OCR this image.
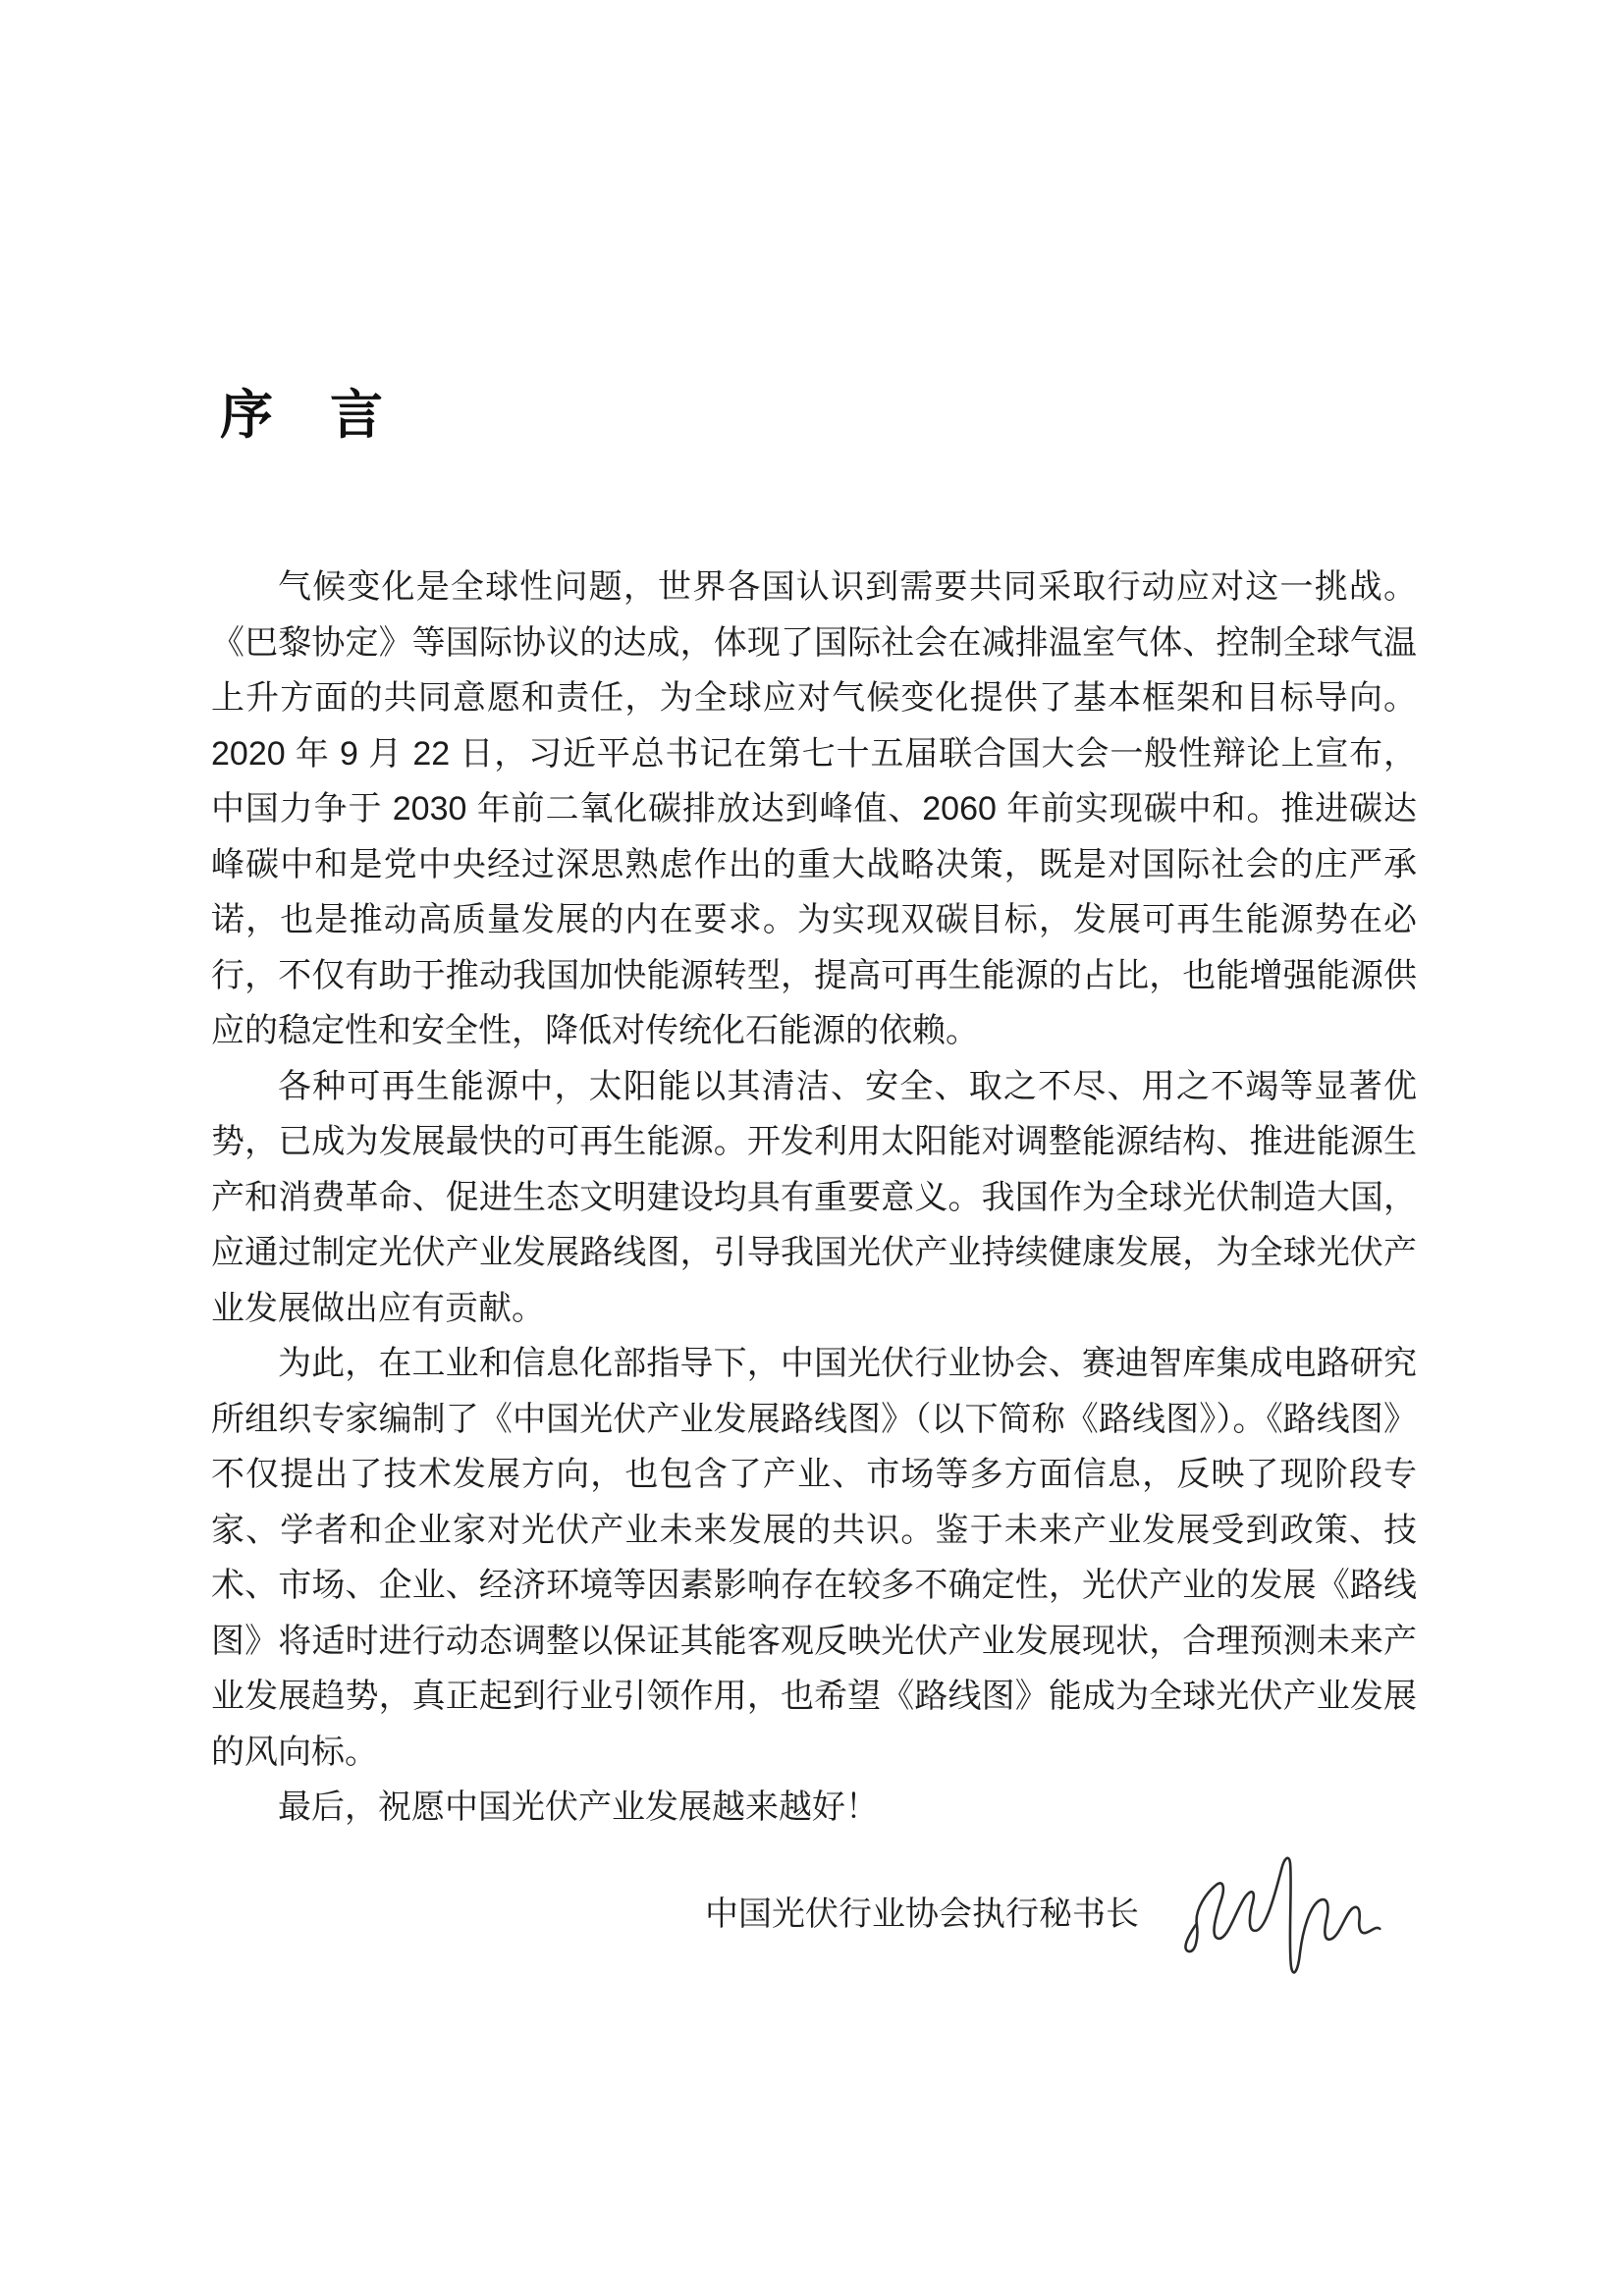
序　言

气候变化是全球性问题，世界各国认识到需要共同采取行动应对这一挑战。《巴黎协定》等国际协议的达成，体现了国际社会在减排温室气体、控制全球气温上升方面的共同意愿和责任，为全球应对气候变化提供了基本框架和目标导向。2020 年 9 月 22 日，习近平总书记在第七十五届联合国大会一般性辩论上宣布，中国力争于 2030 年前二氧化碳排放达到峰值、2060 年前实现碳中和。推进碳达峰碳中和是党中央经过深思熟虑作出的重大战略决策，既是对国际社会的庄严承诺，也是推动高质量发展的内在要求。为实现双碳目标，发展可再生能源势在必行，不仅有助于推动我国加快能源转型，提高可再生能源的占比，也能增强能源供应的稳定性和安全性，降低对传统化石能源的依赖。

各种可再生能源中，太阳能以其清洁、安全、取之不尽、用之不竭等显著优势，已成为发展最快的可再生能源。开发利用太阳能对调整能源结构、推进能源生产和消费革命、促进生态文明建设均具有重要意义。我国作为全球光伏制造大国，应通过制定光伏产业发展路线图，引导我国光伏产业持续健康发展，为全球光伏产业发展做出应有贡献。

为此，在工业和信息化部指导下，中国光伏行业协会、赛迪智库集成电路研究所组织专家编制了《中国光伏产业发展路线图》（以下简称《路线图》）。《路线图》不仅提出了技术发展方向，也包含了产业、市场等多方面信息，反映了现阶段专家、学者和企业家对光伏产业未来发展的共识。鉴于未来产业发展受到政策、技术、市场、企业、经济环境等因素影响存在较多不确定性，光伏产业的发展《路线图》将适时进行动态调整以保证其能客观反映光伏产业发展现状，合理预测未来产业发展趋势，真正起到行业引领作用，也希望《路线图》能成为全球光伏产业发展的风向标。

最后，祝愿中国光伏产业发展越来越好！

中国光伏行业协会执行秘书长
